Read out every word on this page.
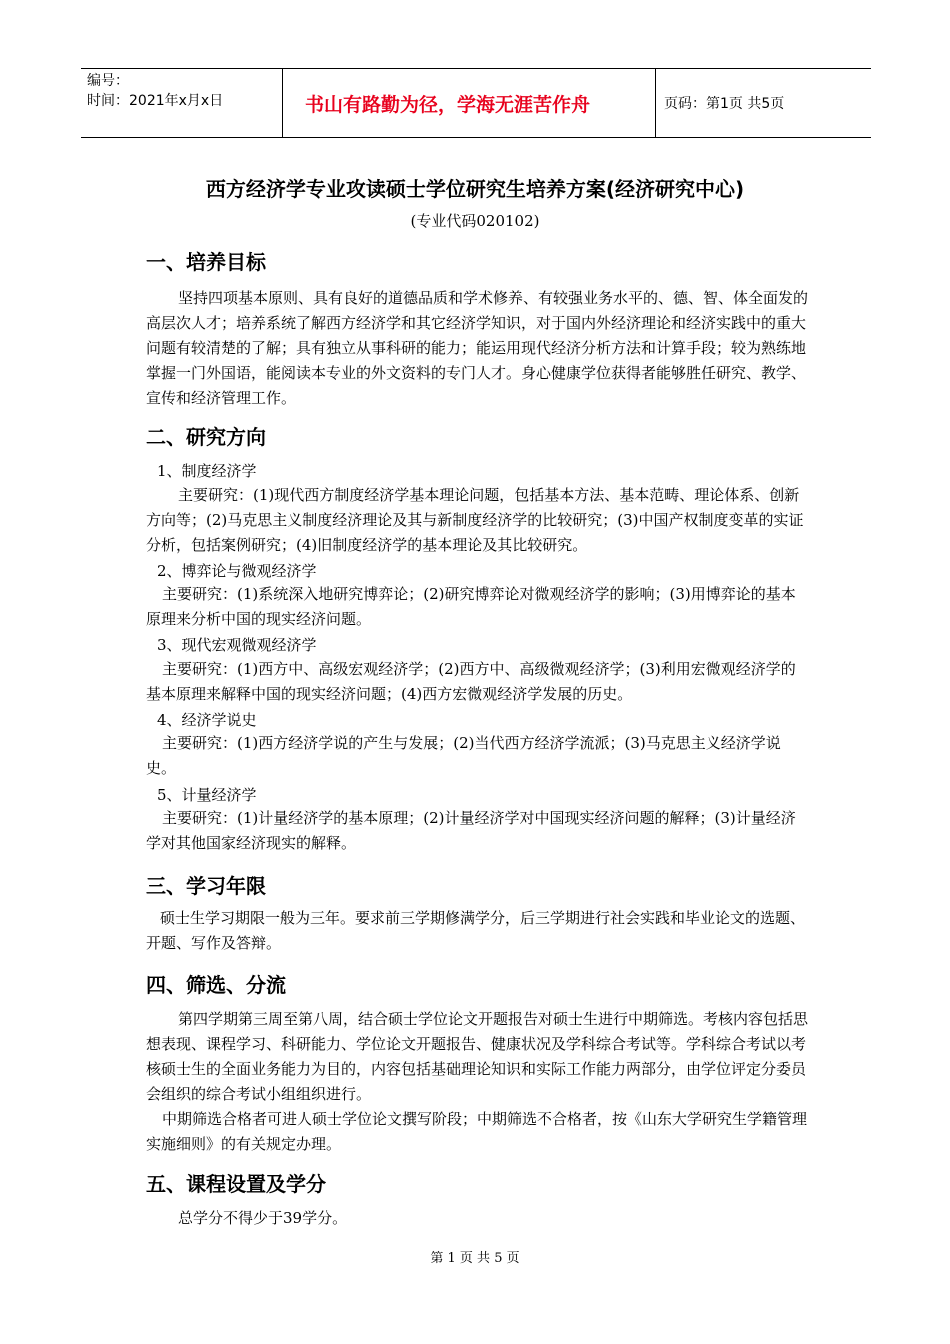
编号：
时间：2021年x月x日	书山有路勤为径，学海无涯苦作舟	页码：第1页 共5页
西方经济学专业攻读硕士学位研究生培养方案(经济研究中心)
(专业代码020102)
一、培养目标
坚持四项基本原则、具有良好的道德品质和学术修养、有较强业务水平的、德、智、体全面发的高层次人才；培养系统了解西方经济学和其它经济学知识，对于国内外经济理论和经济实践中的重大问题有较清楚的了解；具有独立从事科研的能力；能运用现代经济分析方法和计算手段；较为熟练地掌握一门外国语，能阅读本专业的外文资料的专门人才。身心健康学位获得者能够胜任研究、教学、宣传和经济管理工作。
二、研究方向
1、制度经济学
主要研究：(1)现代西方制度经济学基本理论问题，包括基本方法、基本范畴、理论体系、创新方向等；(2)马克思主义制度经济理论及其与新制度经济学的比较研究；(3)中国产权制度变革的实证分析，包括案例研究；(4)旧制度经济学的基本理论及其比较研究。
2、博弈论与微观经济学
主要研究：(1)系统深入地研究博弈论；(2)研究博弈论对微观经济学的影响；(3)用博弈论的基本原理来分析中国的现实经济问题。
3、现代宏观微观经济学
主要研究：(1)西方中、高级宏观经济学；(2)西方中、高级微观经济学；(3)利用宏微观经济学的基本原理来解释中国的现实经济问题；(4)西方宏微观经济学发展的历史。
4、经济学说史
主要研究：(1)西方经济学说的产生与发展；(2)当代西方经济学流派；(3)马克思主义经济学说史。
5、计量经济学
主要研究：(1)计量经济学的基本原理；(2)计量经济学对中国现实经济问题的解释；(3)计量经济学对其他国家经济现实的解释。
三、学习年限
硕士生学习期限一般为三年。要求前三学期修满学分，后三学期进行社会实践和毕业论文的选题、开题、写作及答辩。
四、筛选、分流
第四学期第三周至第八周，结合硕士学位论文开题报告对硕士生进行中期筛选。考核内容包括思想表现、课程学习、科研能力、学位论文开题报告、健康状况及学科综合考试等。学科综合考试以考核硕士生的全面业务能力为目的，内容包括基础理论知识和实际工作能力两部分，由学位评定分委员会组织的综合考试小组组织进行。
中期筛选合格者可进人硕士学位论文撰写阶段；中期筛选不合格者，按《山东大学研究生学籍管理实施细则》的有关规定办理。
五、课程设置及学分
总学分不得少于39学分。
第 1 页 共 5 页
